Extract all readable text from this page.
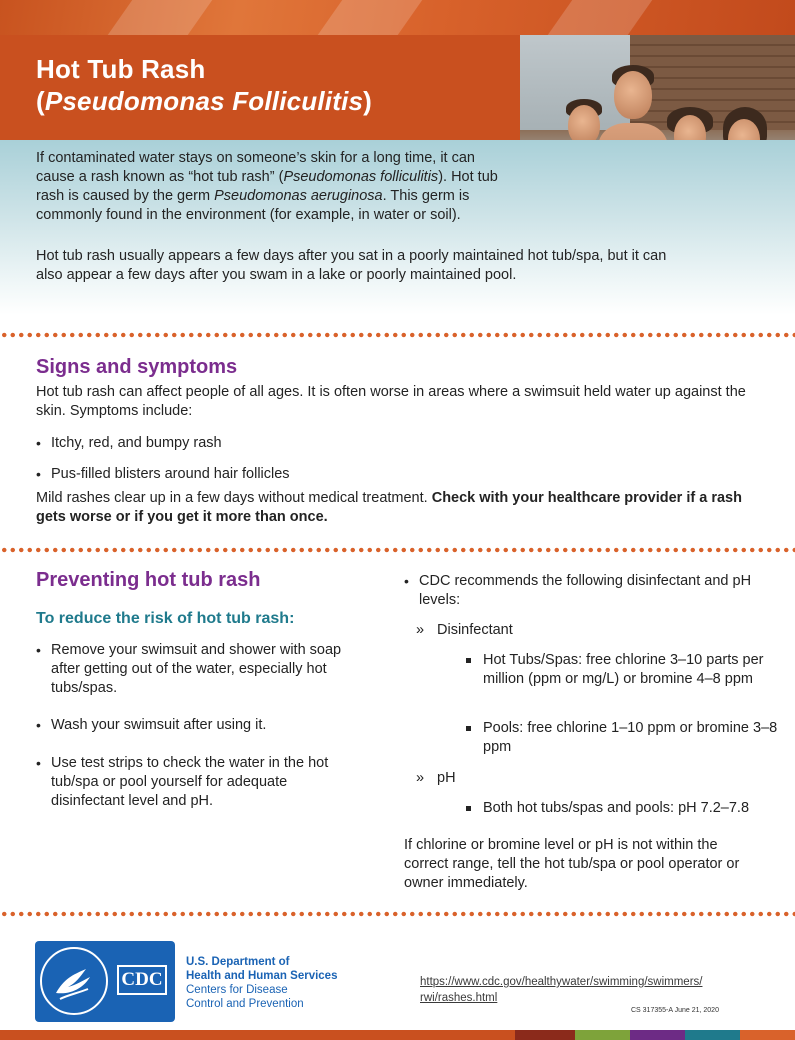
Hot Tub Rash
(Pseudomonas Folliculitis)
If contaminated water stays on someone’s skin for a long time, it can cause a rash known as “hot tub rash” (Pseudomonas folliculitis). Hot tub rash is caused by the germ Pseudomonas aeruginosa. This germ is commonly found in the environment (for example, in water or soil).
Hot tub rash usually appears a few days after you sat in a poorly maintained hot tub/spa, but it can also appear a few days after you swam in a lake or poorly maintained pool.
Signs and symptoms
Hot tub rash can affect people of all ages. It is often worse in areas where a swimsuit held water up against the skin. Symptoms include:
• Itchy, red, and bumpy rash
• Pus-filled blisters around hair follicles
Mild rashes clear up in a few days without medical treatment. Check with your healthcare provider if a rash gets worse or if you get it more than once.
Preventing hot tub rash
To reduce the risk of hot tub rash:
• Remove your swimsuit and shower with soap after getting out of the water, especially hot tubs/spas.
• Wash your swimsuit after using it.
• Use test strips to check the water in the hot tub/spa or pool yourself for adequate disinfectant level and pH.
• CDC recommends the following disinfectant and pH levels:
» Disinfectant
Hot Tubs/Spas: free chlorine 3–10 parts per million (ppm or mg/L) or bromine 4–8 ppm
Pools: free chlorine 1–10 ppm or bromine 3–8 ppm
» pH
Both hot tubs/spas and pools: pH 7.2–7.8
If chlorine or bromine level or pH is not within the correct range, tell the hot tub/spa or pool operator or owner immediately.
CDC
U.S. Department of
Health and Human Services
Centers for Disease
Control and Prevention
https://www.cdc.gov/healthywater/swimming/swimmers/
rwi/rashes.html
CS 317355-A June 21, 2020
